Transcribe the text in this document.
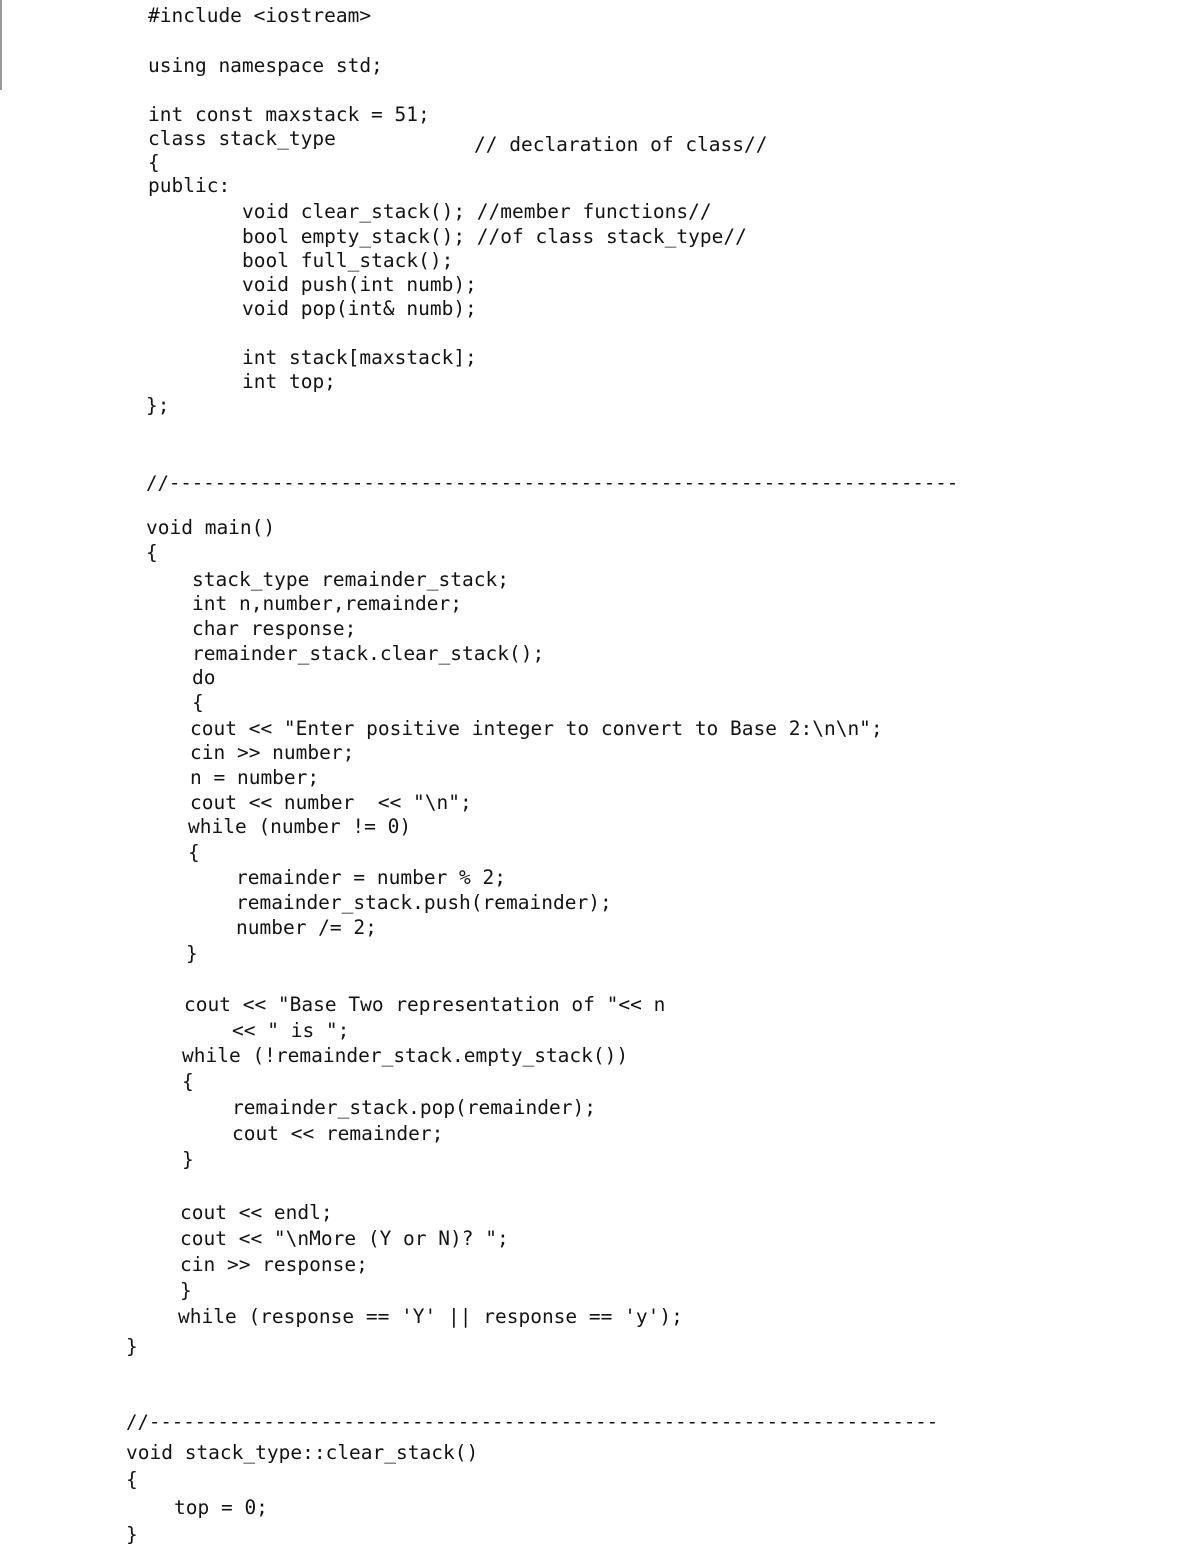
#include <iostream>
using namespace std;
int const maxstack = 51;
class stack_type	// declaration of class//
{
public:
void clear_stack(); //member functions//
bool empty_stack(); //of class stack_type//
bool full_stack();
void push(int numb);
void pop(int& numb);
int stack[maxstack];
int top;
};
//---------------------------------------------------------------------
void main()
{
stack_type remainder_stack;
int n,number,remainder;
char response;
remainder_stack.clear_stack();
do
{
cout << "Enter positive integer to convert to Base 2:\n\n";
cin >> number;
n = number;
cout << number  << "\n";
while (number != 0)
{
remainder = number % 2;
remainder_stack.push(remainder);
number /= 2;
}
cout << "Base Two representation of "<< n
<< " is ";
while (!remainder_stack.empty_stack())
{
remainder_stack.pop(remainder);
cout << remainder;
}
cout << endl;
cout << "\nMore (Y or N)? ";
cin >> response;
}
while (response == 'Y' || response == 'y');
}
//---------------------------------------------------------------------
void stack_type::clear_stack()
{
top = 0;
}
